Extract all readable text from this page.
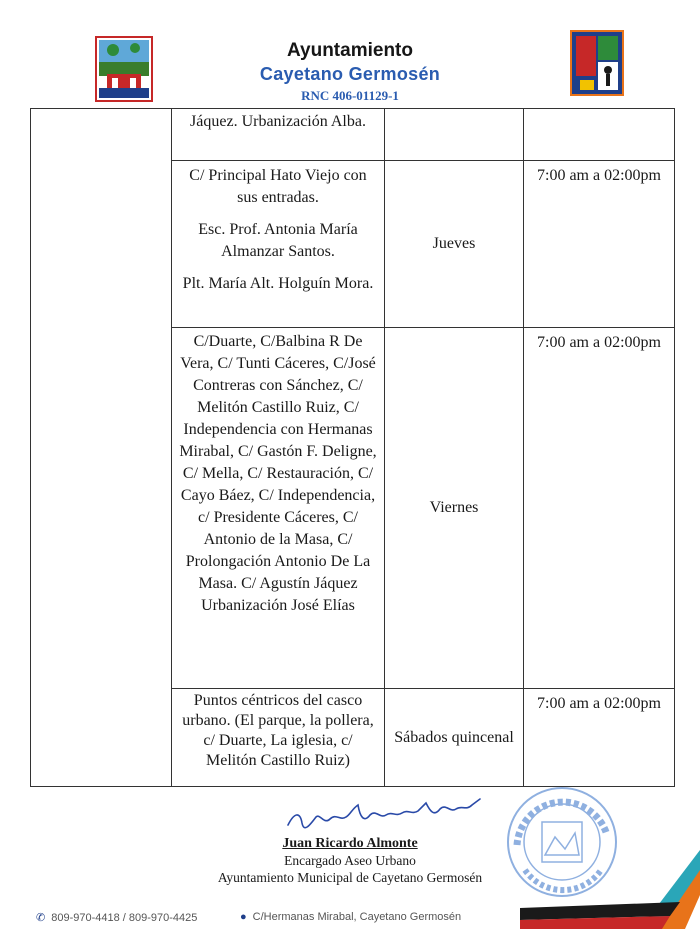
Ayuntamiento
Cayetano Germosén
RNC 406-01129-1

	Jáquez. Urbanización Alba.		

	C/ Principal Hato Viejo con sus entradas.
Esc. Prof. Antonia María Almanzar Santos.
Plt. María Alt. Holguín Mora.	Jueves	7:00 am a 02:00pm

	C/Duarte, C/Balbina R De Vera, C/ Tunti Cáceres, C/José Contreras con Sánchez, C/ Melitón Castillo Ruiz, C/ Independencia con Hermanas Mirabal, C/ Gastón F. Deligne, C/ Mella, C/ Restauración, C/ Cayo Báez, C/ Independencia, c/ Presidente Cáceres, C/ Antonio de la Masa, C/ Prolongación Antonio De La Masa. C/ Agustín Jáquez Urbanización José Elías	Viernes	7:00 am a 02:00pm

	Puntos céntricos del casco urbano. (El parque, la pollera, c/ Duarte, La iglesia, c/ Melitón Castillo Ruiz)	Sábados quincenal	7:00 am a 02:00pm
Juan Ricardo Almonte
Encargado Aseo Urbano
Ayuntamiento Municipal de Cayetano Germosén
✆ 809-970-4418 / 809-970-4425	● C/Hermanas Mirabal, Cayetano Germosén
